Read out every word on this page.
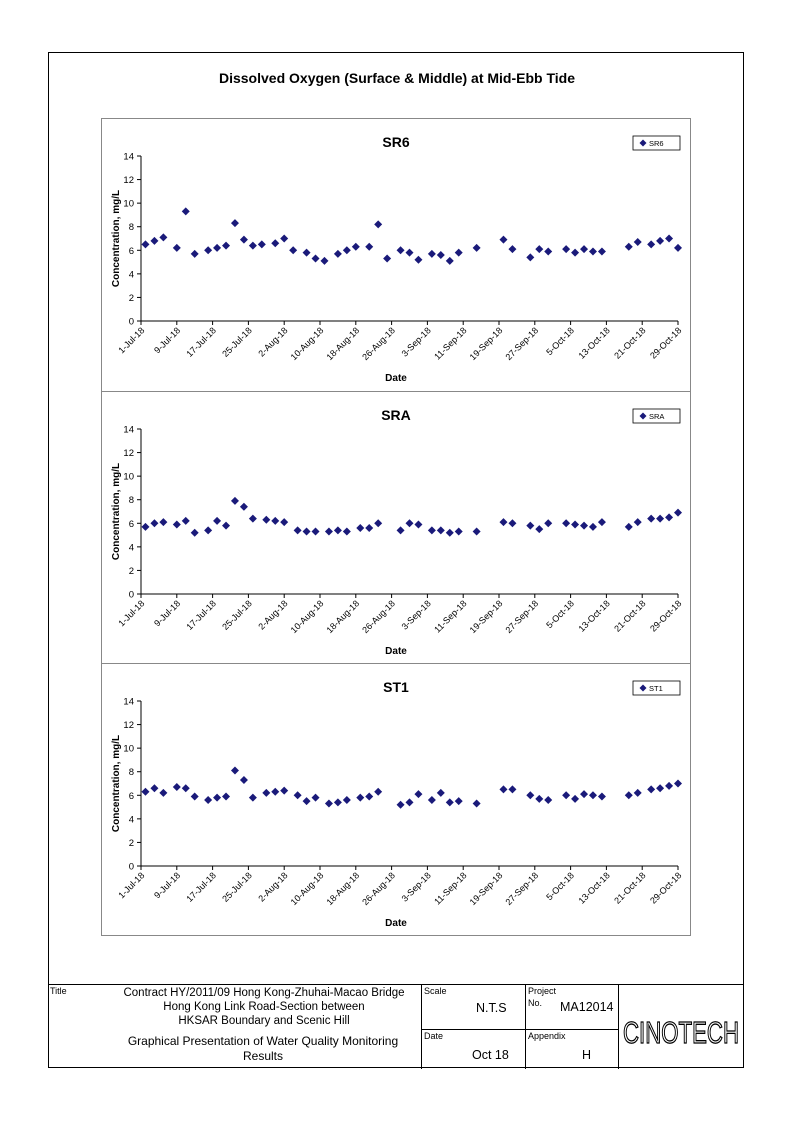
Dissolved Oxygen (Surface & Middle) at Mid-Ebb Tide
SR6
0
2
4
6
8
10
12
14
1-Jul-18 9-Jul-18 17-Jul-18 25-Jul-18 2-Aug-18 10-Aug-18 18-Aug-18 26-Aug-18 3-Sep-18 11-Sep-18 19-Sep-18 27-Sep-18 5-Oct-18 13-Oct-18 21-Oct-18 29-Oct-18
Date
Concentration, mg/L
SR6
SRA
0
2
4
6
8
10
12
14
1-Jul-18 9-Jul-18 17-Jul-18 25-Jul-18 2-Aug-18 10-Aug-18 18-Aug-18 26-Aug-18 3-Sep-18 11-Sep-18 19-Sep-18 27-Sep-18 5-Oct-18 13-Oct-18 21-Oct-18 29-Oct-18
Date
Concentration, mg/L
SRA
ST1
0
2
4
6
8
10
12
14
1-Jul-18 9-Jul-18 17-Jul-18 25-Jul-18 2-Aug-18 10-Aug-18 18-Aug-18 26-Aug-18 3-Sep-18 11-Sep-18 19-Sep-18 27-Sep-18 5-Oct-18 13-Oct-18 21-Oct-18 29-Oct-18
Date
Concentration, mg/L
ST1
Title	Contract HY/2011/09 Hong Kong-Zhuhai-Macao Bridge
Hong Kong Link Road-Section between
HKSAR Boundary and Scenic Hill
Graphical Presentation of Water Quality Monitoring
Results
Scale
N.T.S
Date
Oct 18
Project
No. MA12014
Appendix
H
CINOTECH
